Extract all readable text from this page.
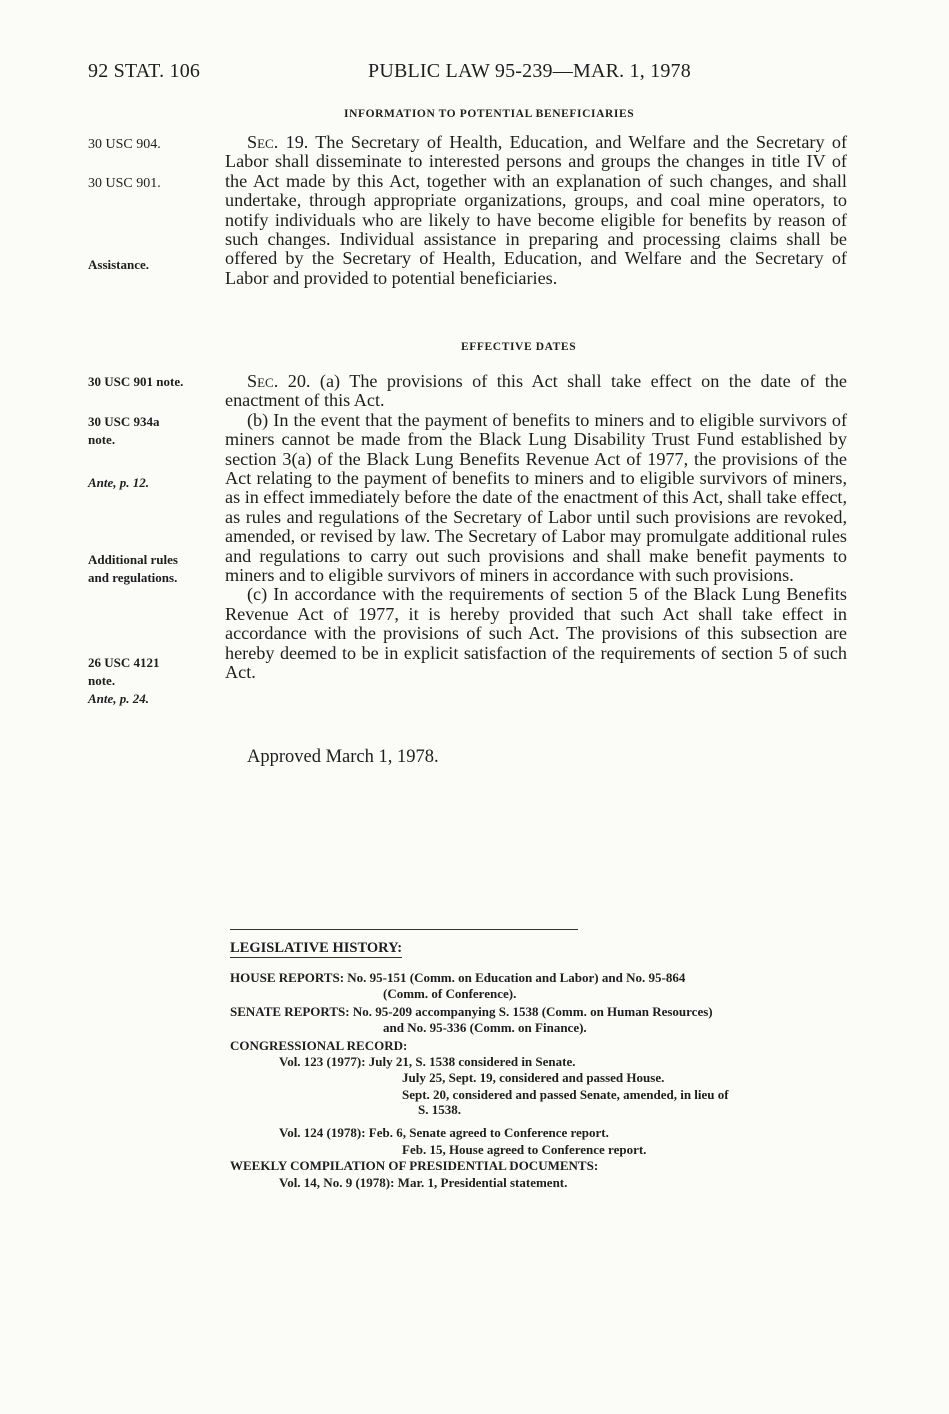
92 STAT. 106	PUBLIC LAW 95-239—MAR. 1, 1978
INFORMATION TO POTENTIAL BENEFICIARIES

Sec. 19. The Secretary of Health, Education, and Welfare and the Secretary of Labor shall disseminate to interested persons and groups the changes in title IV of the Act made by this Act, together with an explanation of such changes, and shall undertake, through appropriate organizations, groups, and coal mine operators, to notify individuals who are likely to have become eligible for benefits by reason of such changes. Individual assistance in preparing and processing claims shall be offered by the Secretary of Health, Education, and Welfare and the Secretary of Labor and provided to potential beneficiaries.

EFFECTIVE DATES

Sec. 20. (a) The provisions of this Act shall take effect on the date of the enactment of this Act.

(b) In the event that the payment of benefits to miners and to eligible survivors of miners cannot be made from the Black Lung Disability Trust Fund established by section 3(a) of the Black Lung Benefits Revenue Act of 1977, the provisions of the Act relating to the payment of benefits to miners and to eligible survivors of miners, as in effect immediately before the date of the enactment of this Act, shall take effect, as rules and regulations of the Secretary of Labor until such provisions are revoked, amended, or revised by law. The Secretary of Labor may promulgate additional rules and regulations to carry out such provisions and shall make benefit payments to miners and to eligible survivors of miners in accordance with such provisions.

(c) In accordance with the requirements of section 5 of the Black Lung Benefits Revenue Act of 1977, it is hereby provided that such Act shall take effect in accordance with the provisions of such Act. The provisions of this subsection are hereby deemed to be in explicit satisfaction of the requirements of section 5 of such Act.

30 USC 904.
30 USC 901.
Assistance.
30 USC 901 note.
30 USC 934a
note.
Ante, p. 12.
Additional rules
and regulations.
26 USC 4121
note.
Ante, p. 24.
Approved March 1, 1978.
LEGISLATIVE HISTORY:
HOUSE REPORTS: No. 95-151 (Comm. on Education and Labor) and No. 95-864
(Comm. of Conference).
SENATE REPORTS: No. 95-209 accompanying S. 1538 (Comm. on Human Resources)
and No. 95-336 (Comm. on Finance).
CONGRESSIONAL RECORD:
Vol. 123 (1977): July 21, S. 1538 considered in Senate.
July 25, Sept. 19, considered and passed House.
Sept. 20, considered and passed Senate, amended, in lieu of
S. 1538.
Vol. 124 (1978): Feb. 6, Senate agreed to Conference report.
Feb. 15, House agreed to Conference report.
WEEKLY COMPILATION OF PRESIDENTIAL DOCUMENTS:
Vol. 14, No. 9 (1978): Mar. 1, Presidential statement.
